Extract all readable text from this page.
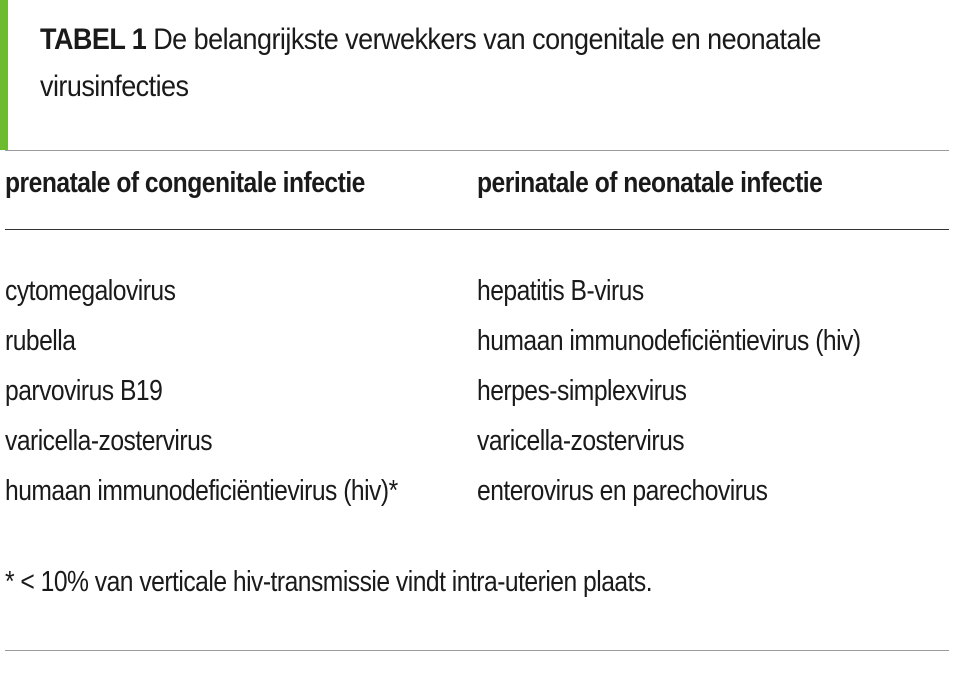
TABEL 1 De belangrijkste verwekkers van congenitale en neonatale virusinfecties
prenatale of congenitale infectie	perinatale of neonatale infectie
cytomegalovirus
rubella
parvovirus B19
varicella-zostervirus
humaan immunodeficiëntievirus (hiv)*
hepatitis B-virus
humaan immunodeficiëntievirus (hiv)
herpes-simplexvirus
varicella-zostervirus
enterovirus en parechovirus
* < 10% van verticale hiv-transmissie vindt intra-uterien plaats.
